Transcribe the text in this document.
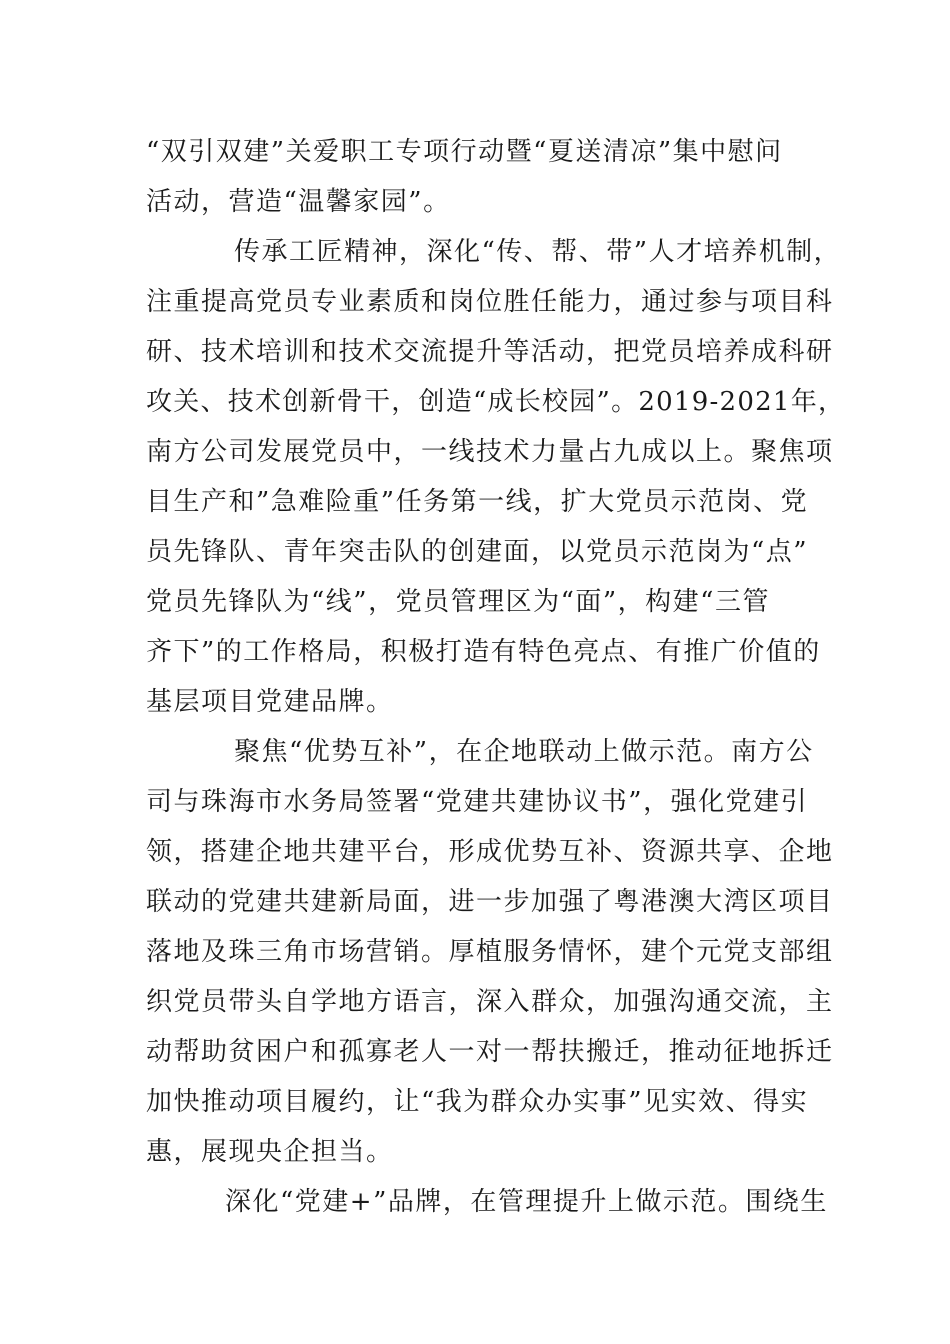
“双引双建”关爱职工专项行动暨“夏送清凉”集中慰问
活动，营造“温馨家园”。
传承工匠精神，深化“传、帮、带”人才培养机制，
注重提高党员专业素质和岗位胜任能力，通过参与项目科
研、技术培训和技术交流提升等活动，把党员培养成科研
攻关、技术创新骨干，创造“成长校园”。2019-2021年，
南方公司发展党员中，一线技术力量占九成以上。聚焦项
目生产和”急难险重”任务第一线，扩大党员示范岗、党
员先锋队、青年突击队的创建面，以党员示范岗为“点”
党员先锋队为“线”，党员管理区为“面”，构建“三管
齐下”的工作格局，积极打造有特色亮点、有推广价值的
基层项目党建品牌。
聚焦“优势互补”，在企地联动上做示范。南方公
司与珠海市水务局签署“党建共建协议书”，强化党建引
领，搭建企地共建平台，形成优势互补、资源共享、企地
联动的党建共建新局面，进一步加强了粤港澳大湾区项目
落地及珠三角市场营销。厚植服务情怀，建个元党支部组
织党员带头自学地方语言，深入群众，加强沟通交流，主
动帮助贫困户和孤寡老人一对一帮扶搬迁，推动征地拆迁
加快推动项目履约，让“我为群众办实事”见实效、得实
惠，展现央企担当。
深化“党建+”品牌，在管理提升上做示范。围绕生
